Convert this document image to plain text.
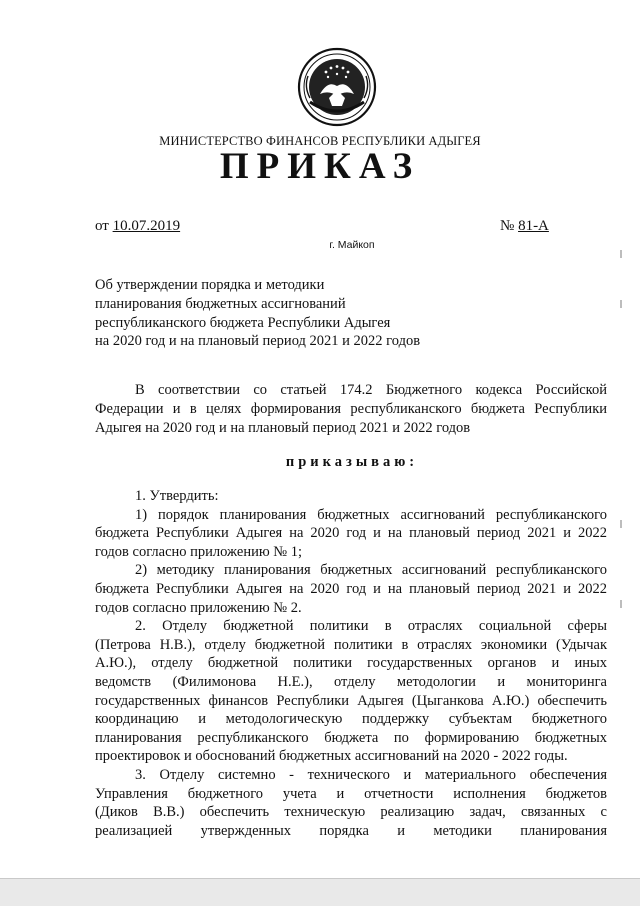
МИНИСТЕРСТВО ФИНАНСОВ РЕСПУБЛИКИ АДЫГЕЯ
ПРИКАЗ
от 10.07.2019	№ 81-А
г. Майкоп
Об утверждении порядка и методики
планирования бюджетных ассигнований
республиканского бюджета Республики Адыгея
на 2020 год и на плановый период 2021 и 2022 годов
В соответствии со статьей 174.2 Бюджетного кодекса Российской
Федерации и в целях формирования республиканского бюджета Республики
Адыгея на 2020 год и на плановый период 2021 и 2022 годов
приказываю:
1. Утвердить:
1) порядок планирования бюджетных ассигнований республиканского
бюджета Республики Адыгея на 2020 год и на плановый период 2021 и 2022
годов согласно приложению № 1;
2) методику планирования бюджетных ассигнований республиканского
бюджета Республики Адыгея на 2020 год и на плановый период 2021 и 2022
годов согласно приложению № 2.
2. Отделу бюджетной политики в отраслях социальной сферы
(Петрова Н.В.), отделу бюджетной политики в отраслях экономики (Удычак
А.Ю.), отделу бюджетной политики государственных органов и иных
ведомств (Филимонова Н.Е.), отделу методологии и мониторинга
государственных финансов Республики Адыгея (Цыганкова А.Ю.) обеспечить
координацию и методологическую поддержку субъектам бюджетного
планирования республиканского бюджета по формированию бюджетных
проектировок и обоснований бюджетных ассигнований на 2020 - 2022 годы.
3. Отделу системно - технического и материального обеспечения
Управления бюджетного учета и отчетности исполнения бюджетов
(Диков В.В.) обеспечить техническую реализацию задач, связанных с
реализацией утвержденных порядка и методики планирования
